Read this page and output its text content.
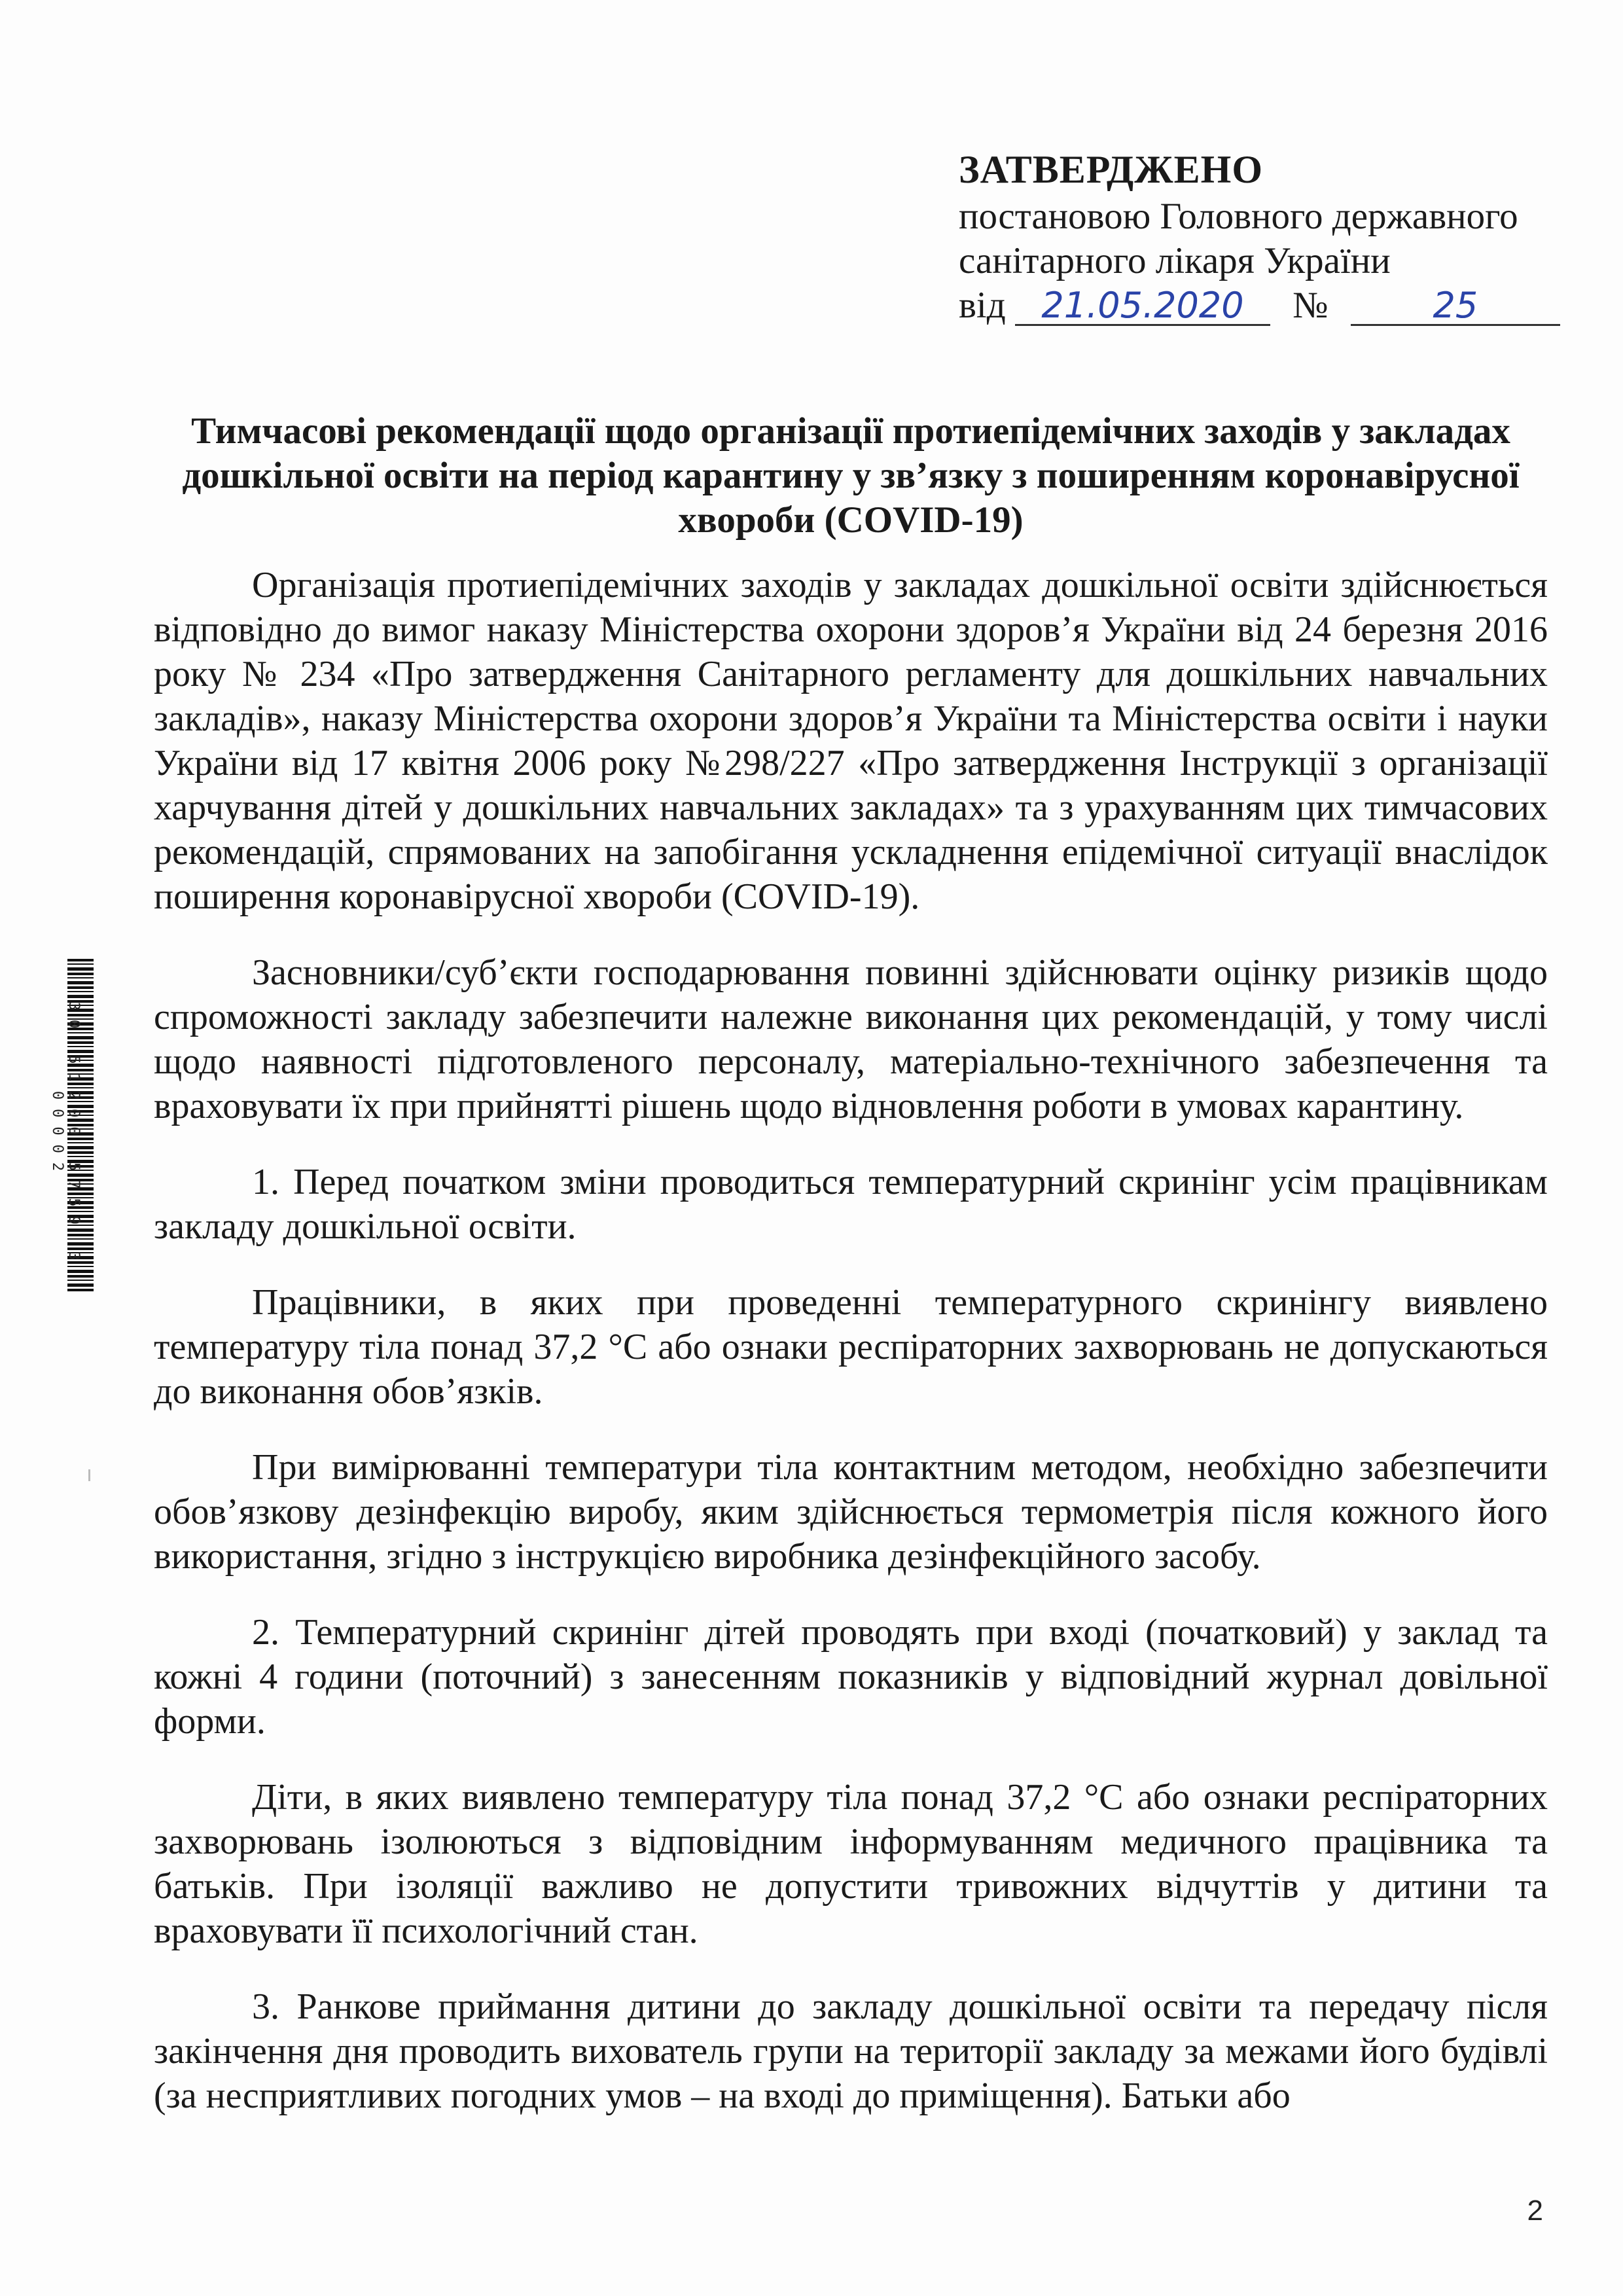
ЗАТВЕРДЖЕНО
постановою Головного державного
санітарного лікаря України
від 21.05.2020 №	25
Тимчасові рекомендації щодо організації протиепідемічних заходів у закладах дошкільної освіти на період карантину у зв’язку з поширенням коронавірусної хвороби (COVID-19)

Організація протиепідемічних заходів у закладах дошкільної освіти здійснюється відповідно до вимог наказу Міністерства охорони здоров’я України від 24 березня 2016 року № 234 «Про затвердження Санітарного регламенту для дошкільних навчальних закладів», наказу Міністерства охорони здоров’я України та Міністерства освіти і науки України від 17 квітня 2006 року №298/227 «Про затвердження Інструкції з організації харчування дітей у дошкільних навчальних закладах» та з урахуванням цих тимчасових рекомендацій, спрямованих на запобігання ускладнення епідемічної ситуації внаслідок поширення коронавірусної хвороби (COVID-19).

Засновники/суб’єкти господарювання повинні здійснювати оцінку ризиків щодо спроможності закладу забезпечити належне виконання цих рекомендацій, у тому числі щодо наявності підготовленого персоналу, матеріально-технічного забезпечення та враховувати їх при прийнятті рішень щодо відновлення роботи в умовах карантину.

1. Перед початком зміни проводиться температурний скринінг усім працівникам закладу дошкільної освіти.

Працівники, в яких при проведенні температурного скринінгу виявлено температуру тіла понад 37,2 °С або ознаки респіраторних захворювань не допускаються до виконання обов’язків.

При вимірюванні температури тіла контактним методом, необхідно забезпечити обов’язкову дезінфекцію виробу, яким здійснюється термометрія після кожного його використання, згідно з інструкцією виробника дезінфекційного засобу.

2. Температурний скринінг дітей проводять при вході (початковий) у заклад та кожні 4 години (поточний) з занесенням показників у відповідний журнал довільної форми.

Діти, в яких виявлено температуру тіла понад 37,2 °С або ознаки респіраторних захворювань ізолюються з відповідним інформуванням медичного працівника та батьків. При ізоляції важливо не допустити тривожних відчуттів у дитини та враховувати її психологічний стан.

3. Ранкове приймання дитини до закладу дошкільної освіти та передачу після закінчення дня проводить вихователь групи на території закладу за межами його будівлі (за несприятливих погодних умов – на вході до приміщення). Батьки або

30 51200 5759 3 00002
2
